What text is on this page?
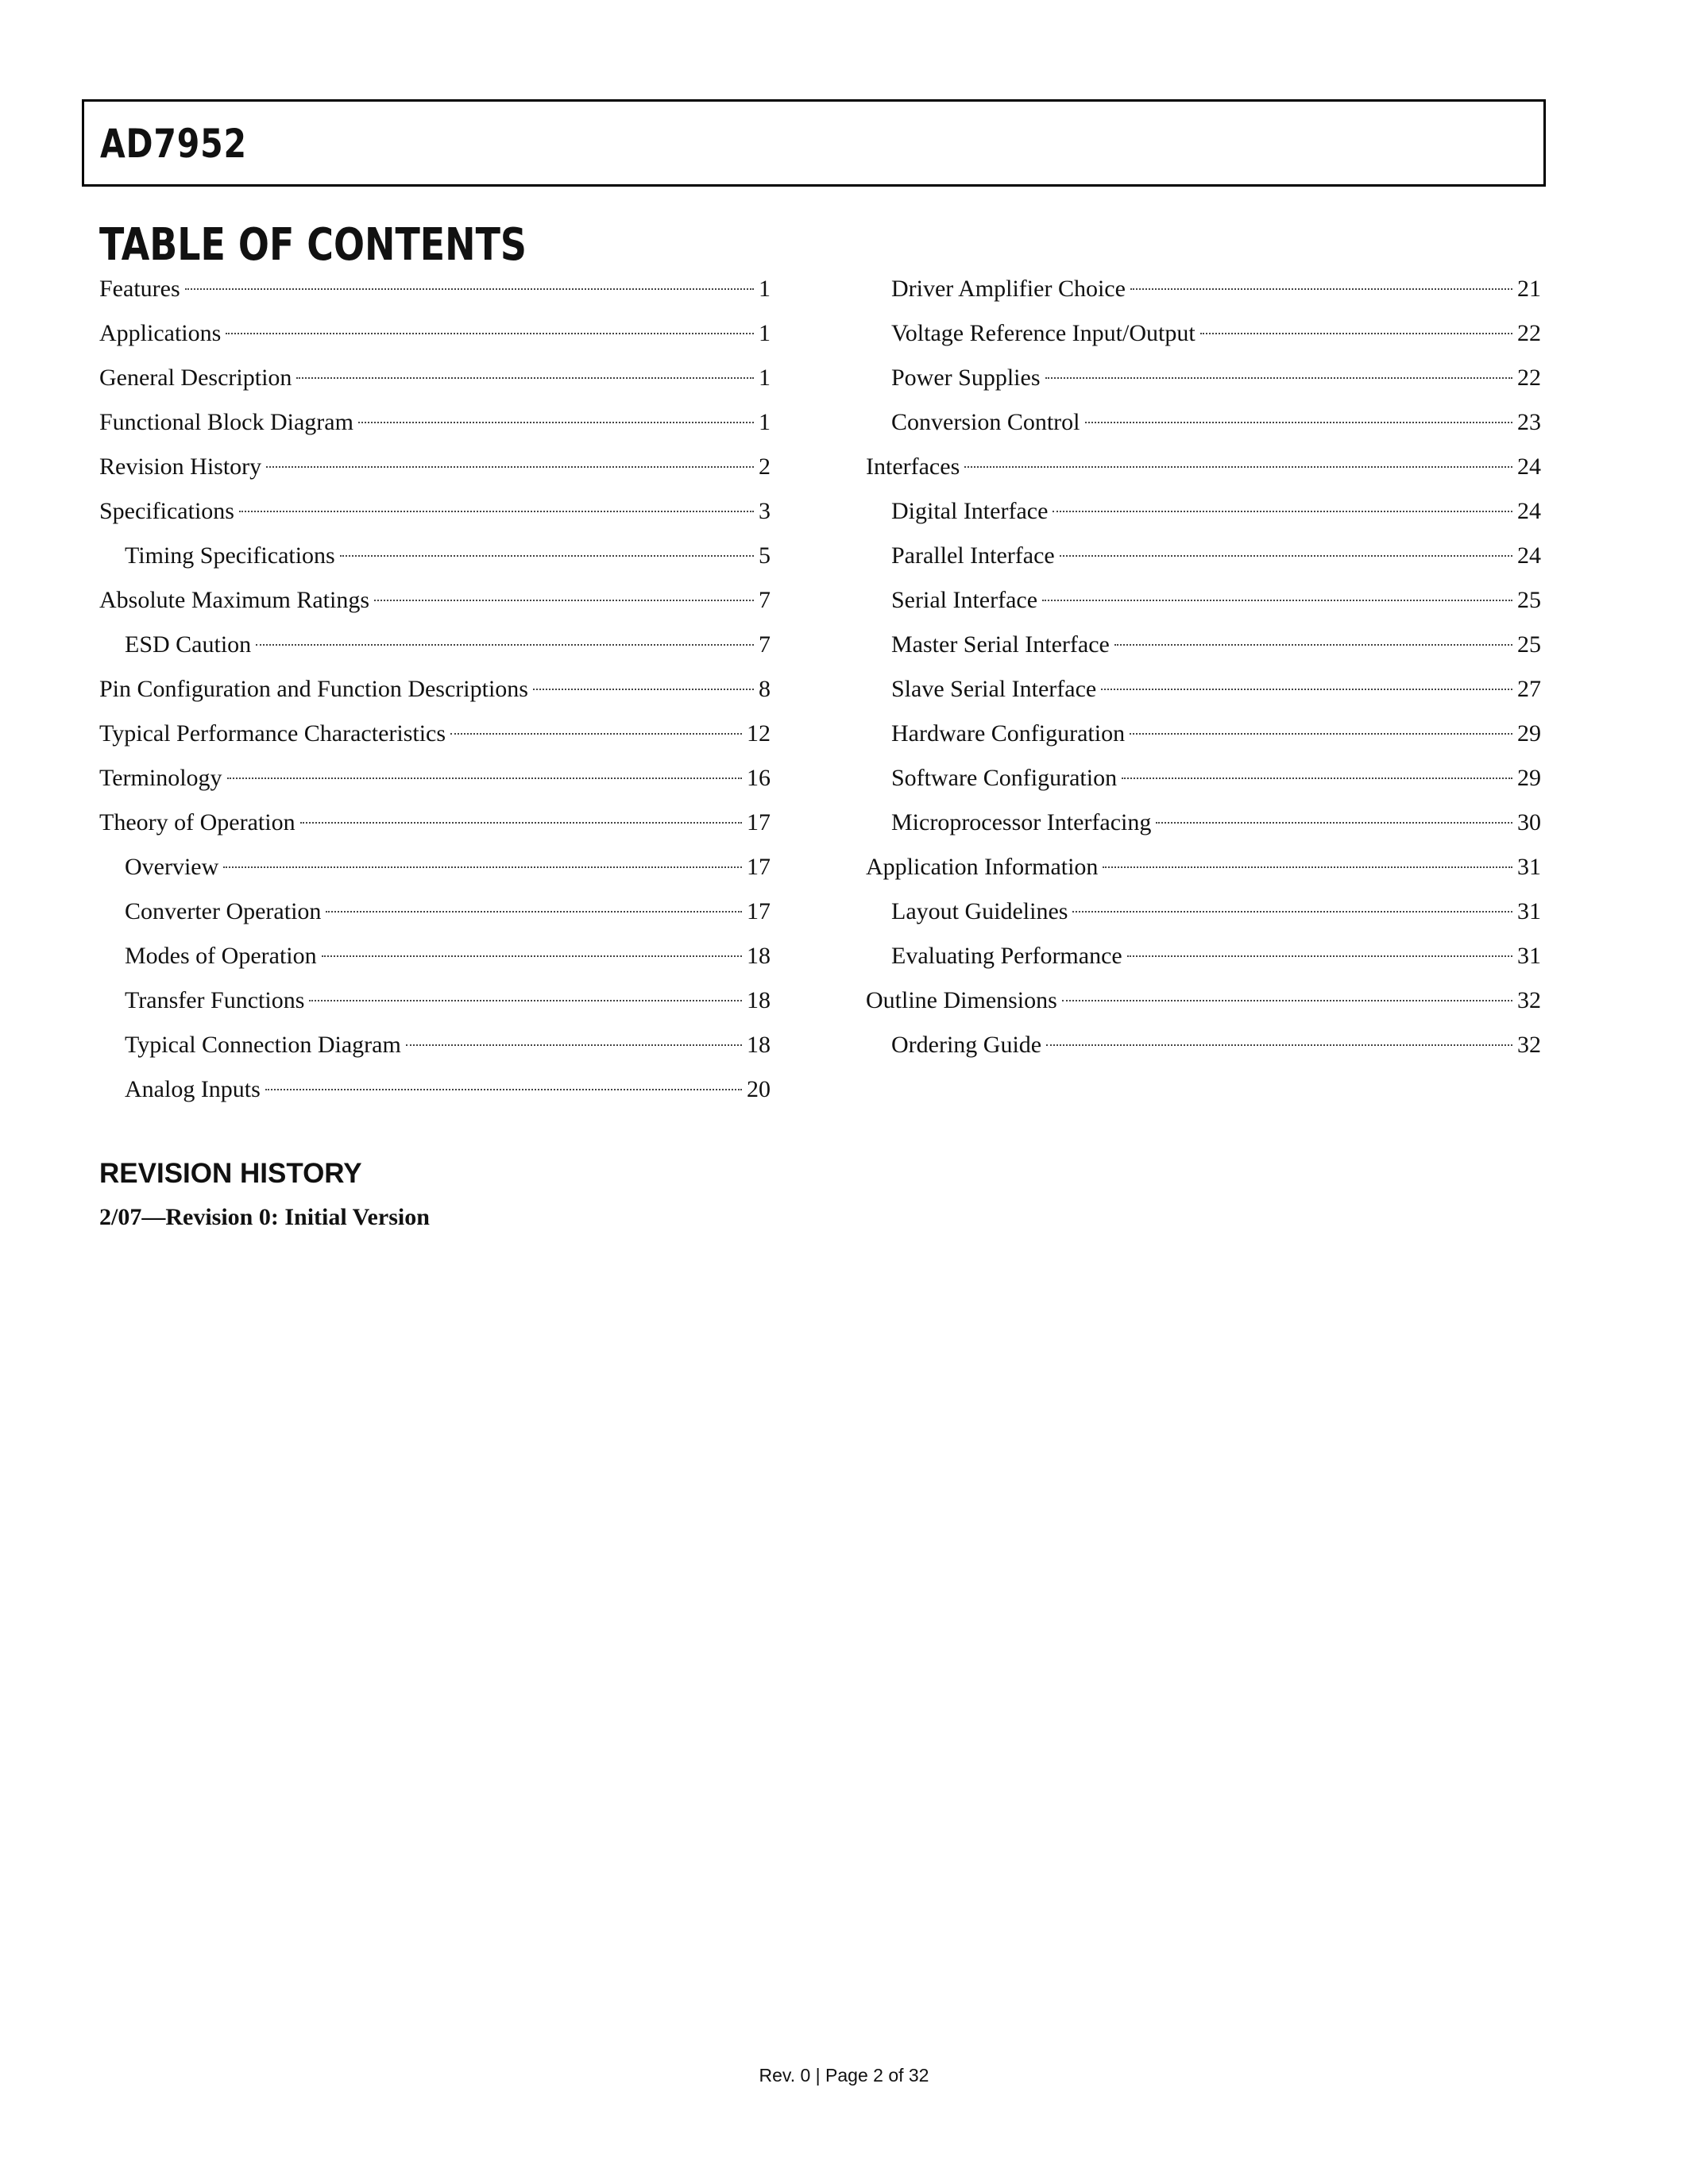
AD7952
TABLE OF CONTENTS
Features	1
Applications	1
General Description	1
Functional Block Diagram	1
Revision History	2
Specifications	3
Timing Specifications	5
Absolute Maximum Ratings	7
ESD Caution	7
Pin Configuration and Function Descriptions	8
Typical Performance Characteristics	12
Terminology	16
Theory of Operation	17
Overview	17
Converter Operation	17
Modes of Operation	18
Transfer Functions	18
Typical Connection Diagram	18
Analog Inputs	20
Driver Amplifier Choice	21
Voltage Reference Input/Output	22
Power Supplies	22
Conversion Control	23
Interfaces	24
Digital Interface	24
Parallel Interface	24
Serial Interface	25
Master Serial Interface	25
Slave Serial Interface	27
Hardware Configuration	29
Software Configuration	29
Microprocessor Interfacing	30
Application Information	31
Layout Guidelines	31
Evaluating Performance	31
Outline Dimensions	32
Ordering Guide	32
REVISION HISTORY
2/07—Revision 0: Initial Version
Rev. 0 | Page 2 of 32
